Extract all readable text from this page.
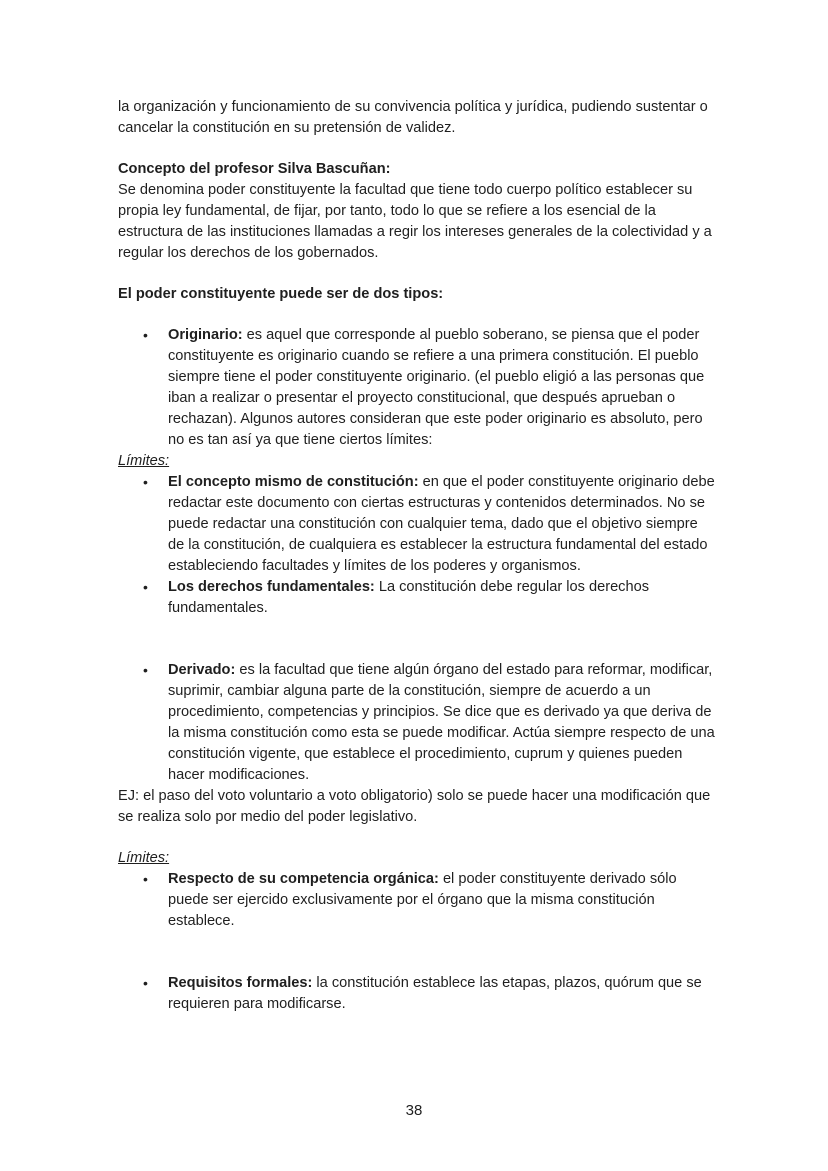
la organización y funcionamiento de su convivencia política y jurídica, pudiendo sustentar o cancelar la constitución en su pretensión de validez.

Concepto del profesor Silva Bascuñan:

Se denomina poder constituyente la facultad que tiene todo cuerpo político establecer su propia ley fundamental, de fijar, por tanto, todo lo que se refiere a los esencial de la estructura de las instituciones llamadas a regir los intereses generales de la colectividad y a regular los derechos de los gobernados.

El poder constituyente puede ser de dos tipos:

• Originario: es aquel que corresponde al pueblo soberano, se piensa que el poder constituyente es originario cuando se refiere a una primera constitución. El pueblo siempre tiene el poder constituyente originario. (el pueblo eligió a las personas que iban a realizar o presentar el proyecto constitucional, que después aprueban o rechazan). Algunos autores consideran que este poder originario es absoluto, pero no es tan así ya que tiene ciertos límites:

Límites:

• El concepto mismo de constitución: en que el poder constituyente originario debe redactar este documento con ciertas estructuras y contenidos determinados. No se puede redactar una constitución con cualquier tema, dado que el objetivo siempre de la constitución, de cualquiera es establecer la estructura fundamental del estado estableciendo facultades y límites de los poderes y organismos.
• Los derechos fundamentales: La constitución debe regular los derechos fundamentales.
• Derivado: es la facultad que tiene algún órgano del estado para reformar, modificar, suprimir, cambiar alguna parte de la constitución, siempre de acuerdo a un procedimiento, competencias y principios. Se dice que es derivado ya que deriva de la misma constitución como esta se puede modificar. Actúa siempre respecto de una constitución vigente, que establece el procedimiento, cuprum y quienes pueden hacer modificaciones.

EJ: el paso del voto voluntario a voto obligatorio) solo se puede hacer una modificación que se realiza solo por medio del poder legislativo.

Límites:

• Respecto de su competencia orgánica: el poder constituyente derivado sólo puede ser ejercido exclusivamente por el órgano que la misma constitución establece.
• Requisitos formales: la constitución establece las etapas, plazos, quórum que se requieren para modificarse.
38
